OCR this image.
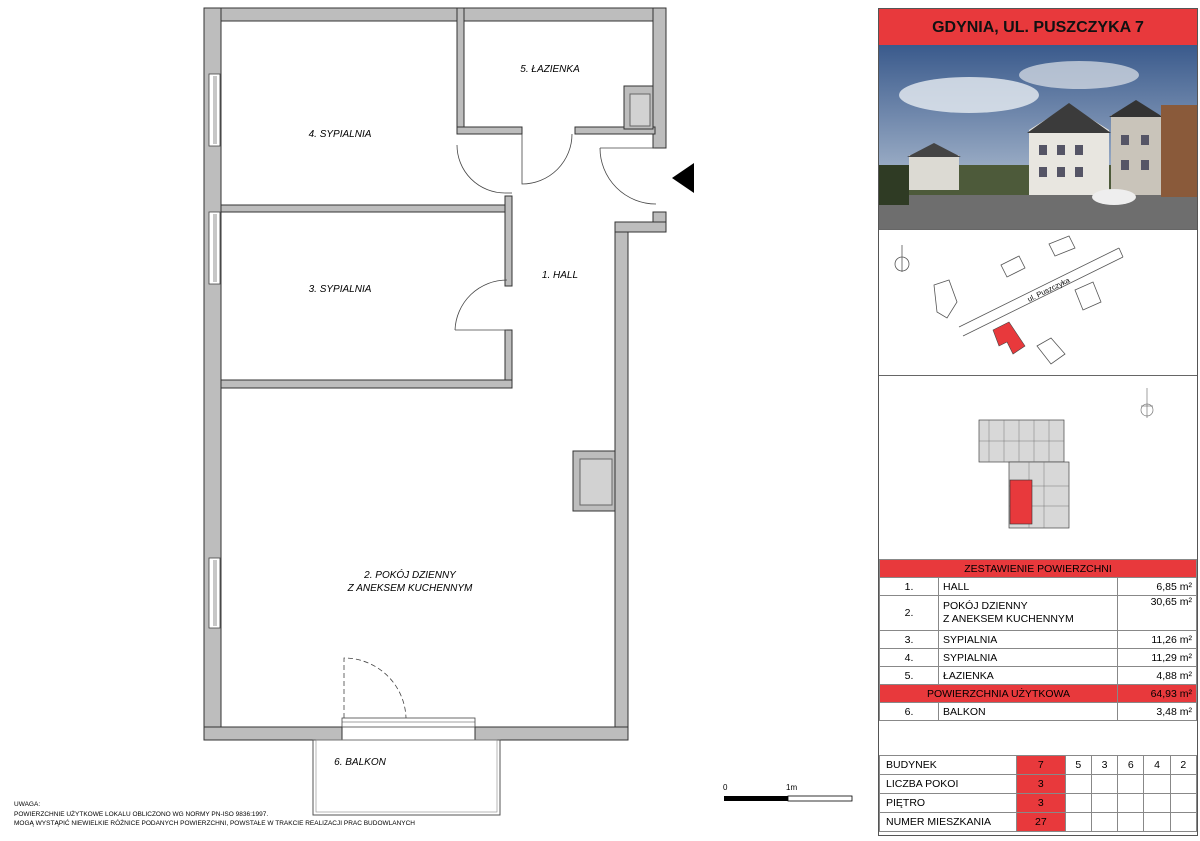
4. SYPIALNIA
5. ŁAZIENKA
1. HALL
3. SYPIALNIA
2. POKÓJ DZIENNY
Z ANEKSEM KUCHENNYM
6. BALKON
0	1m
UWAGA:
POWIERZCHNIE UŻYTKOWE LOKALU OBLICZONO WG NORMY PN-ISO 9836:1997.
MOGĄ WYSTĄPIĆ NIEWIELKIE RÓŻNICE PODANYCH POWIERZCHNI, POWSTAŁE W TRAKCIE REALIZACJI PRAC BUDOWLANYCH
GDYNIA, UL. PUSZCZYKA 7
ul. Puszczyka
ZESTAWIENIE POWIERZCHNI		
1.	HALL	6,85 m²
2.	POKÓJ DZIENNY
Z ANEKSEM KUCHENNYM	30,65 m²
3.	SYPIALNIA	11,26 m²
4.	SYPIALNIA	11,29 m²
5.	ŁAZIENKA	4,88 m²
POWIERZCHNIA UŻYTKOWA		64,93 m²
6.	BALKON	3,48 m²
BUDYNEK	7	5	3	6	4	2
LICZBA POKOI	3					
PIĘTRO	3					
NUMER MIESZKANIA	27					
